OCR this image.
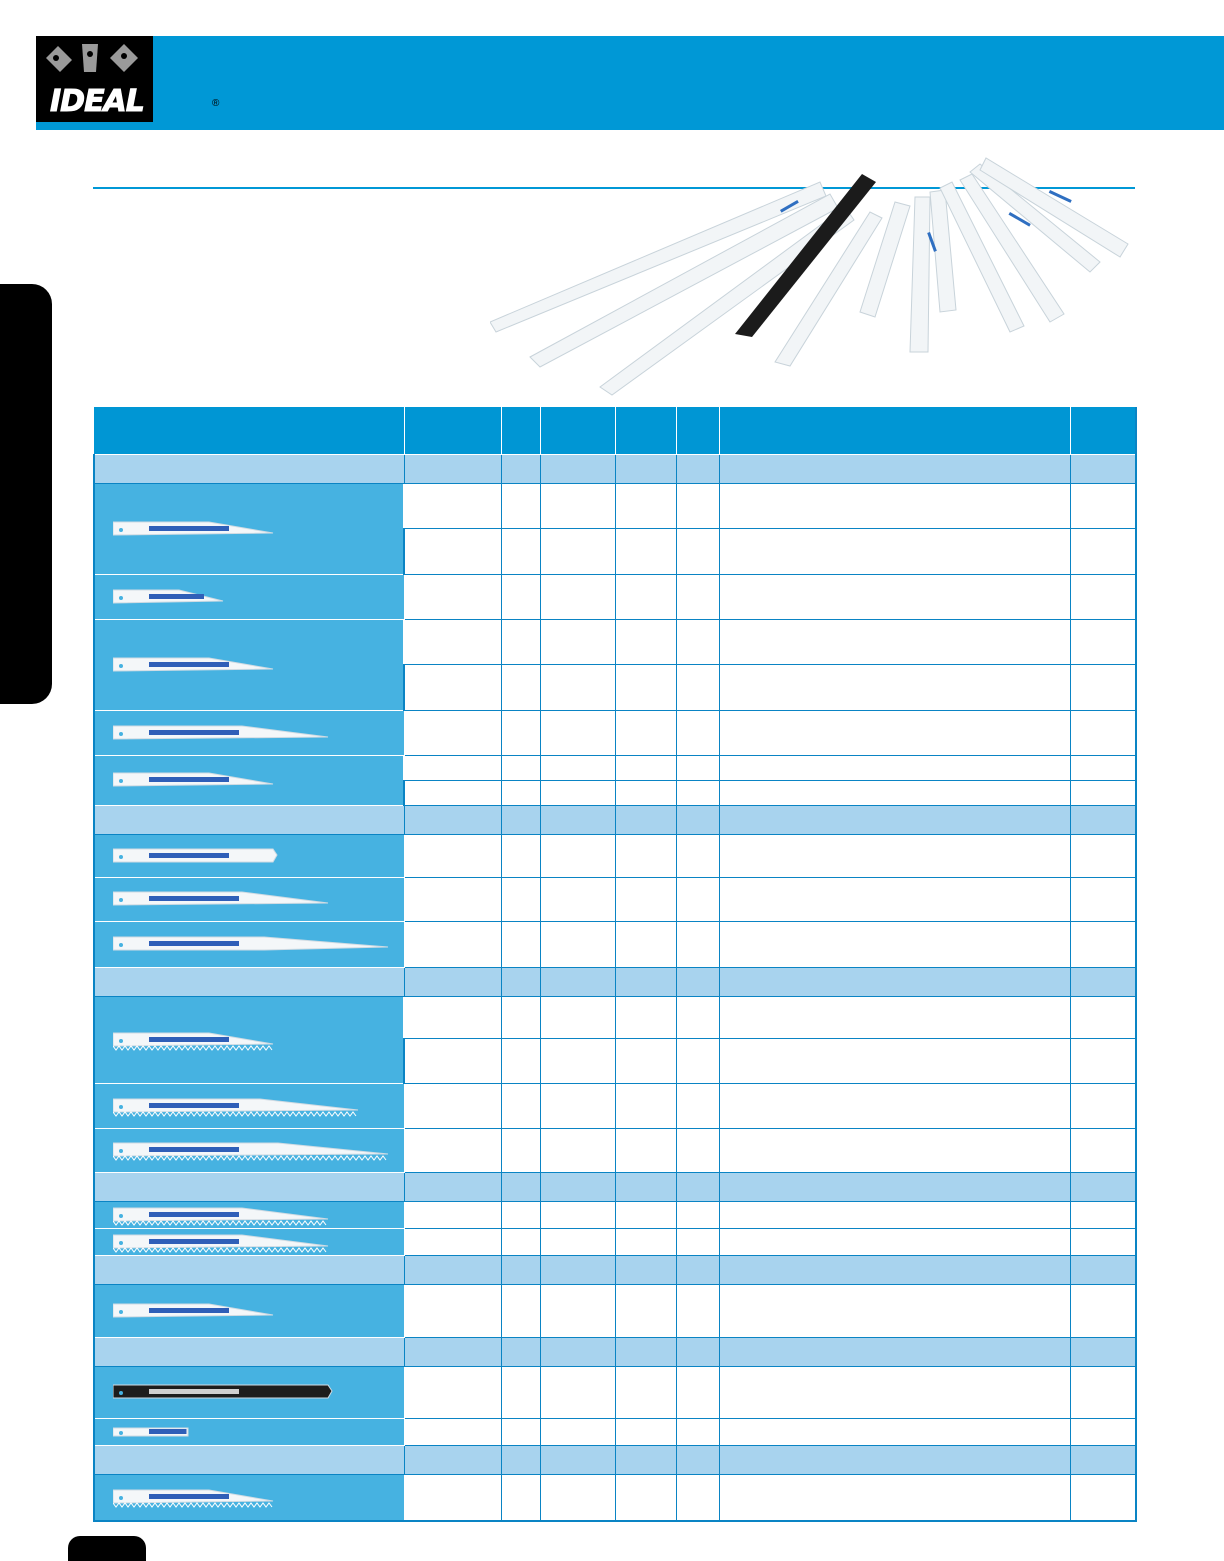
IDEAL	®
